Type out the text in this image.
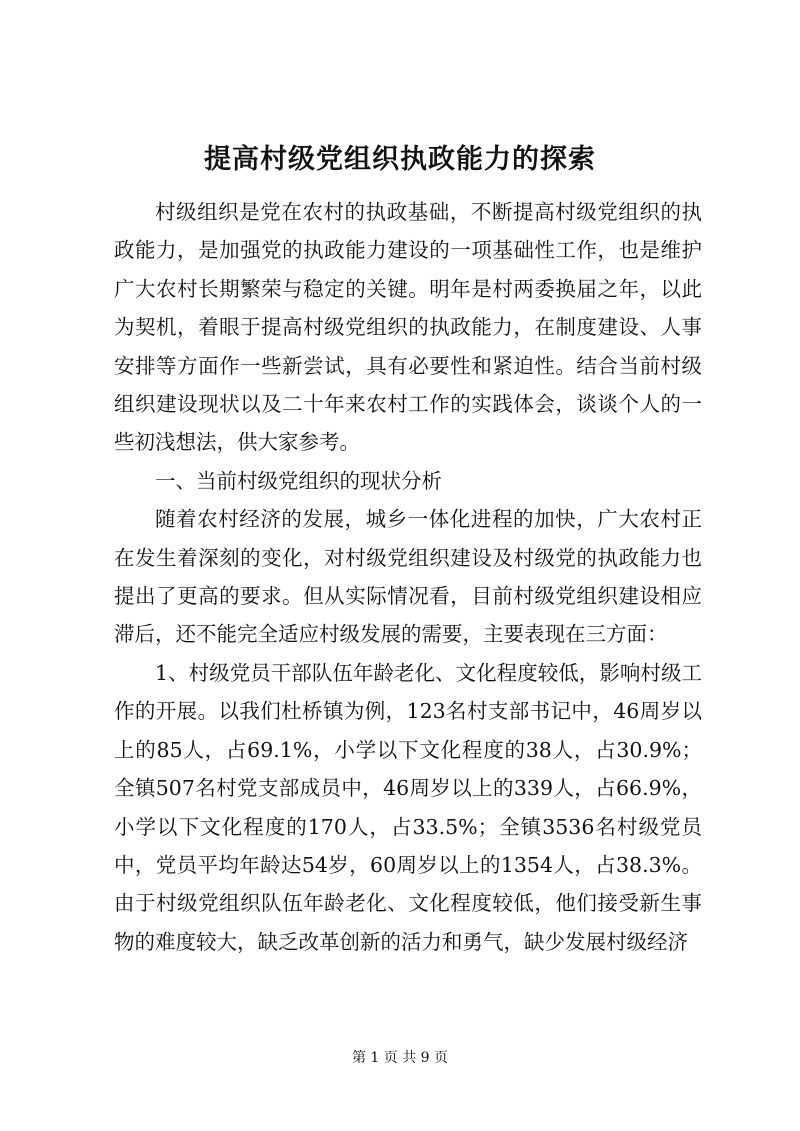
提高村级党组织执政能力的探索

村级组织是党在农村的执政基础，不断提高村级党组织的执政能力，是加强党的执政能力建设的一项基础性工作，也是维护广大农村长期繁荣与稳定的关键。明年是村两委换届之年，以此为契机，着眼于提高村级党组织的执政能力，在制度建设、人事安排等方面作一些新尝试，具有必要性和紧迫性。结合当前村级组织建设现状以及二十年来农村工作的实践体会，谈谈个人的一些初浅想法，供大家参考。

一、当前村级党组织的现状分析

随着农村经济的发展，城乡一体化进程的加快，广大农村正在发生着深刻的变化，对村级党组织建设及村级党的执政能力也提出了更高的要求。但从实际情况看，目前村级党组织建设相应滞后，还不能完全适应村级发展的需要，主要表现在三方面：

1、村级党员干部队伍年龄老化、文化程度较低，影响村级工作的开展。以我们杜桥镇为例，123名村支部书记中，46周岁以上的85人，占69.1%，小学以下文化程度的38人，占30.9%；全镇507名村党支部成员中，46周岁以上的339人，占66.9%，小学以下文化程度的170人，占33.5%；全镇3536名村级党员中，党员平均年龄达54岁，60周岁以上的1354人，占38.3%。由于村级党组织队伍年龄老化、文化程度较低，他们接受新生事物的难度较大，缺乏改革创新的活力和勇气，缺少发展村级经济

第 1 页 共 9 页
